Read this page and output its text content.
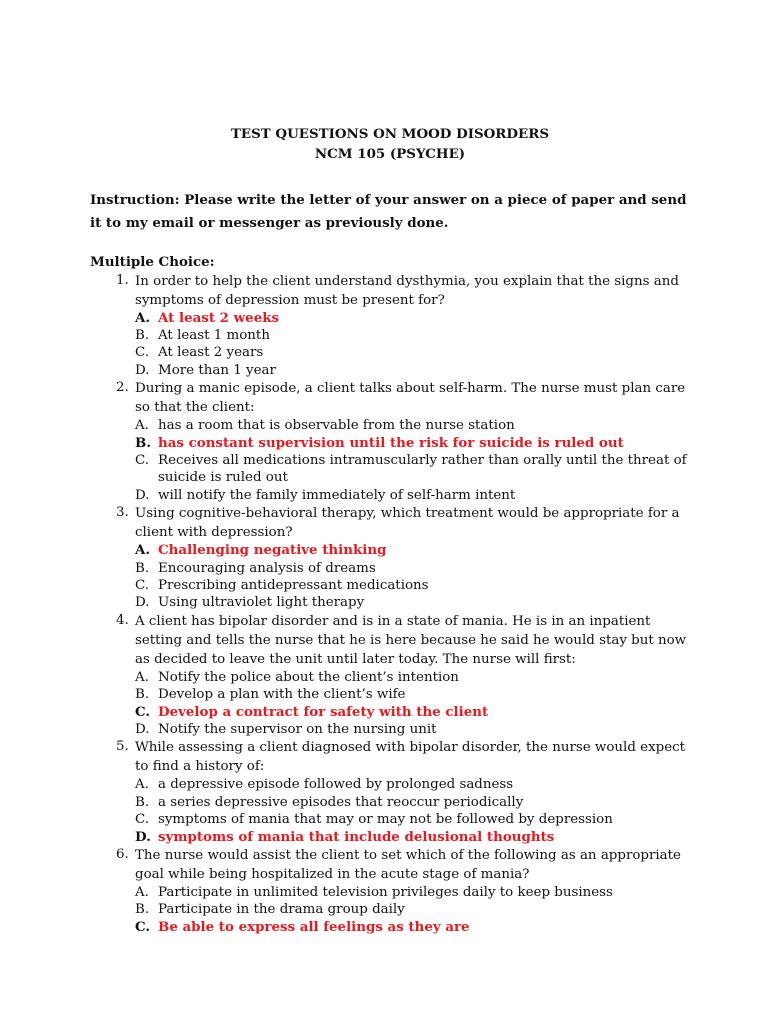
TEST QUESTIONS ON MOOD DISORDERS

NCM 105 (PSYCHE)

Instruction: Please write the letter of your answer on a piece of paper and send it to my email or messenger as previously done.
Multiple Choice:
1. In order to help the client understand dysthymia, you explain that the signs and symptoms of depression must be present for?
A. At least 2 weeks
B. At least 1 month
C. At least 2 years
D. More than 1 year
2. During a manic episode, a client talks about self-harm. The nurse must plan care so that the client:
A. has a room that is observable from the nurse station
B. has constant supervision until the risk for suicide is ruled out
C. Receives all medications intramuscularly rather than orally until the threat of suicide is ruled out
D. will notify the family immediately of self-harm intent
3. Using cognitive-behavioral therapy, which treatment would be appropriate for a client with depression?
A. Challenging negative thinking
B. Encouraging analysis of dreams
C. Prescribing antidepressant medications
D. Using ultraviolet light therapy
4. A client has bipolar disorder and is in a state of mania. He is in an inpatient setting and tells the nurse that he is here because he said he would stay but now as decided to leave the unit until later today. The nurse will first:
A. Notify the police about the client’s intention
B. Develop a plan with the client’s wife
C. Develop a contract for safety with the client
D. Notify the supervisor on the nursing unit
5. While assessing a client diagnosed with bipolar disorder, the nurse would expect to find a history of:
A. a depressive episode followed by prolonged sadness
B. a series depressive episodes that reoccur periodically
C. symptoms of mania that may or may not be followed by depression
D. symptoms of mania that include delusional thoughts
6. The nurse would assist the client to set which of the following as an appropriate goal while being hospitalized in the acute stage of mania?
A. Participate in unlimited television privileges daily to keep business
B. Participate in the drama group daily
C. Be able to express all feelings as they are
